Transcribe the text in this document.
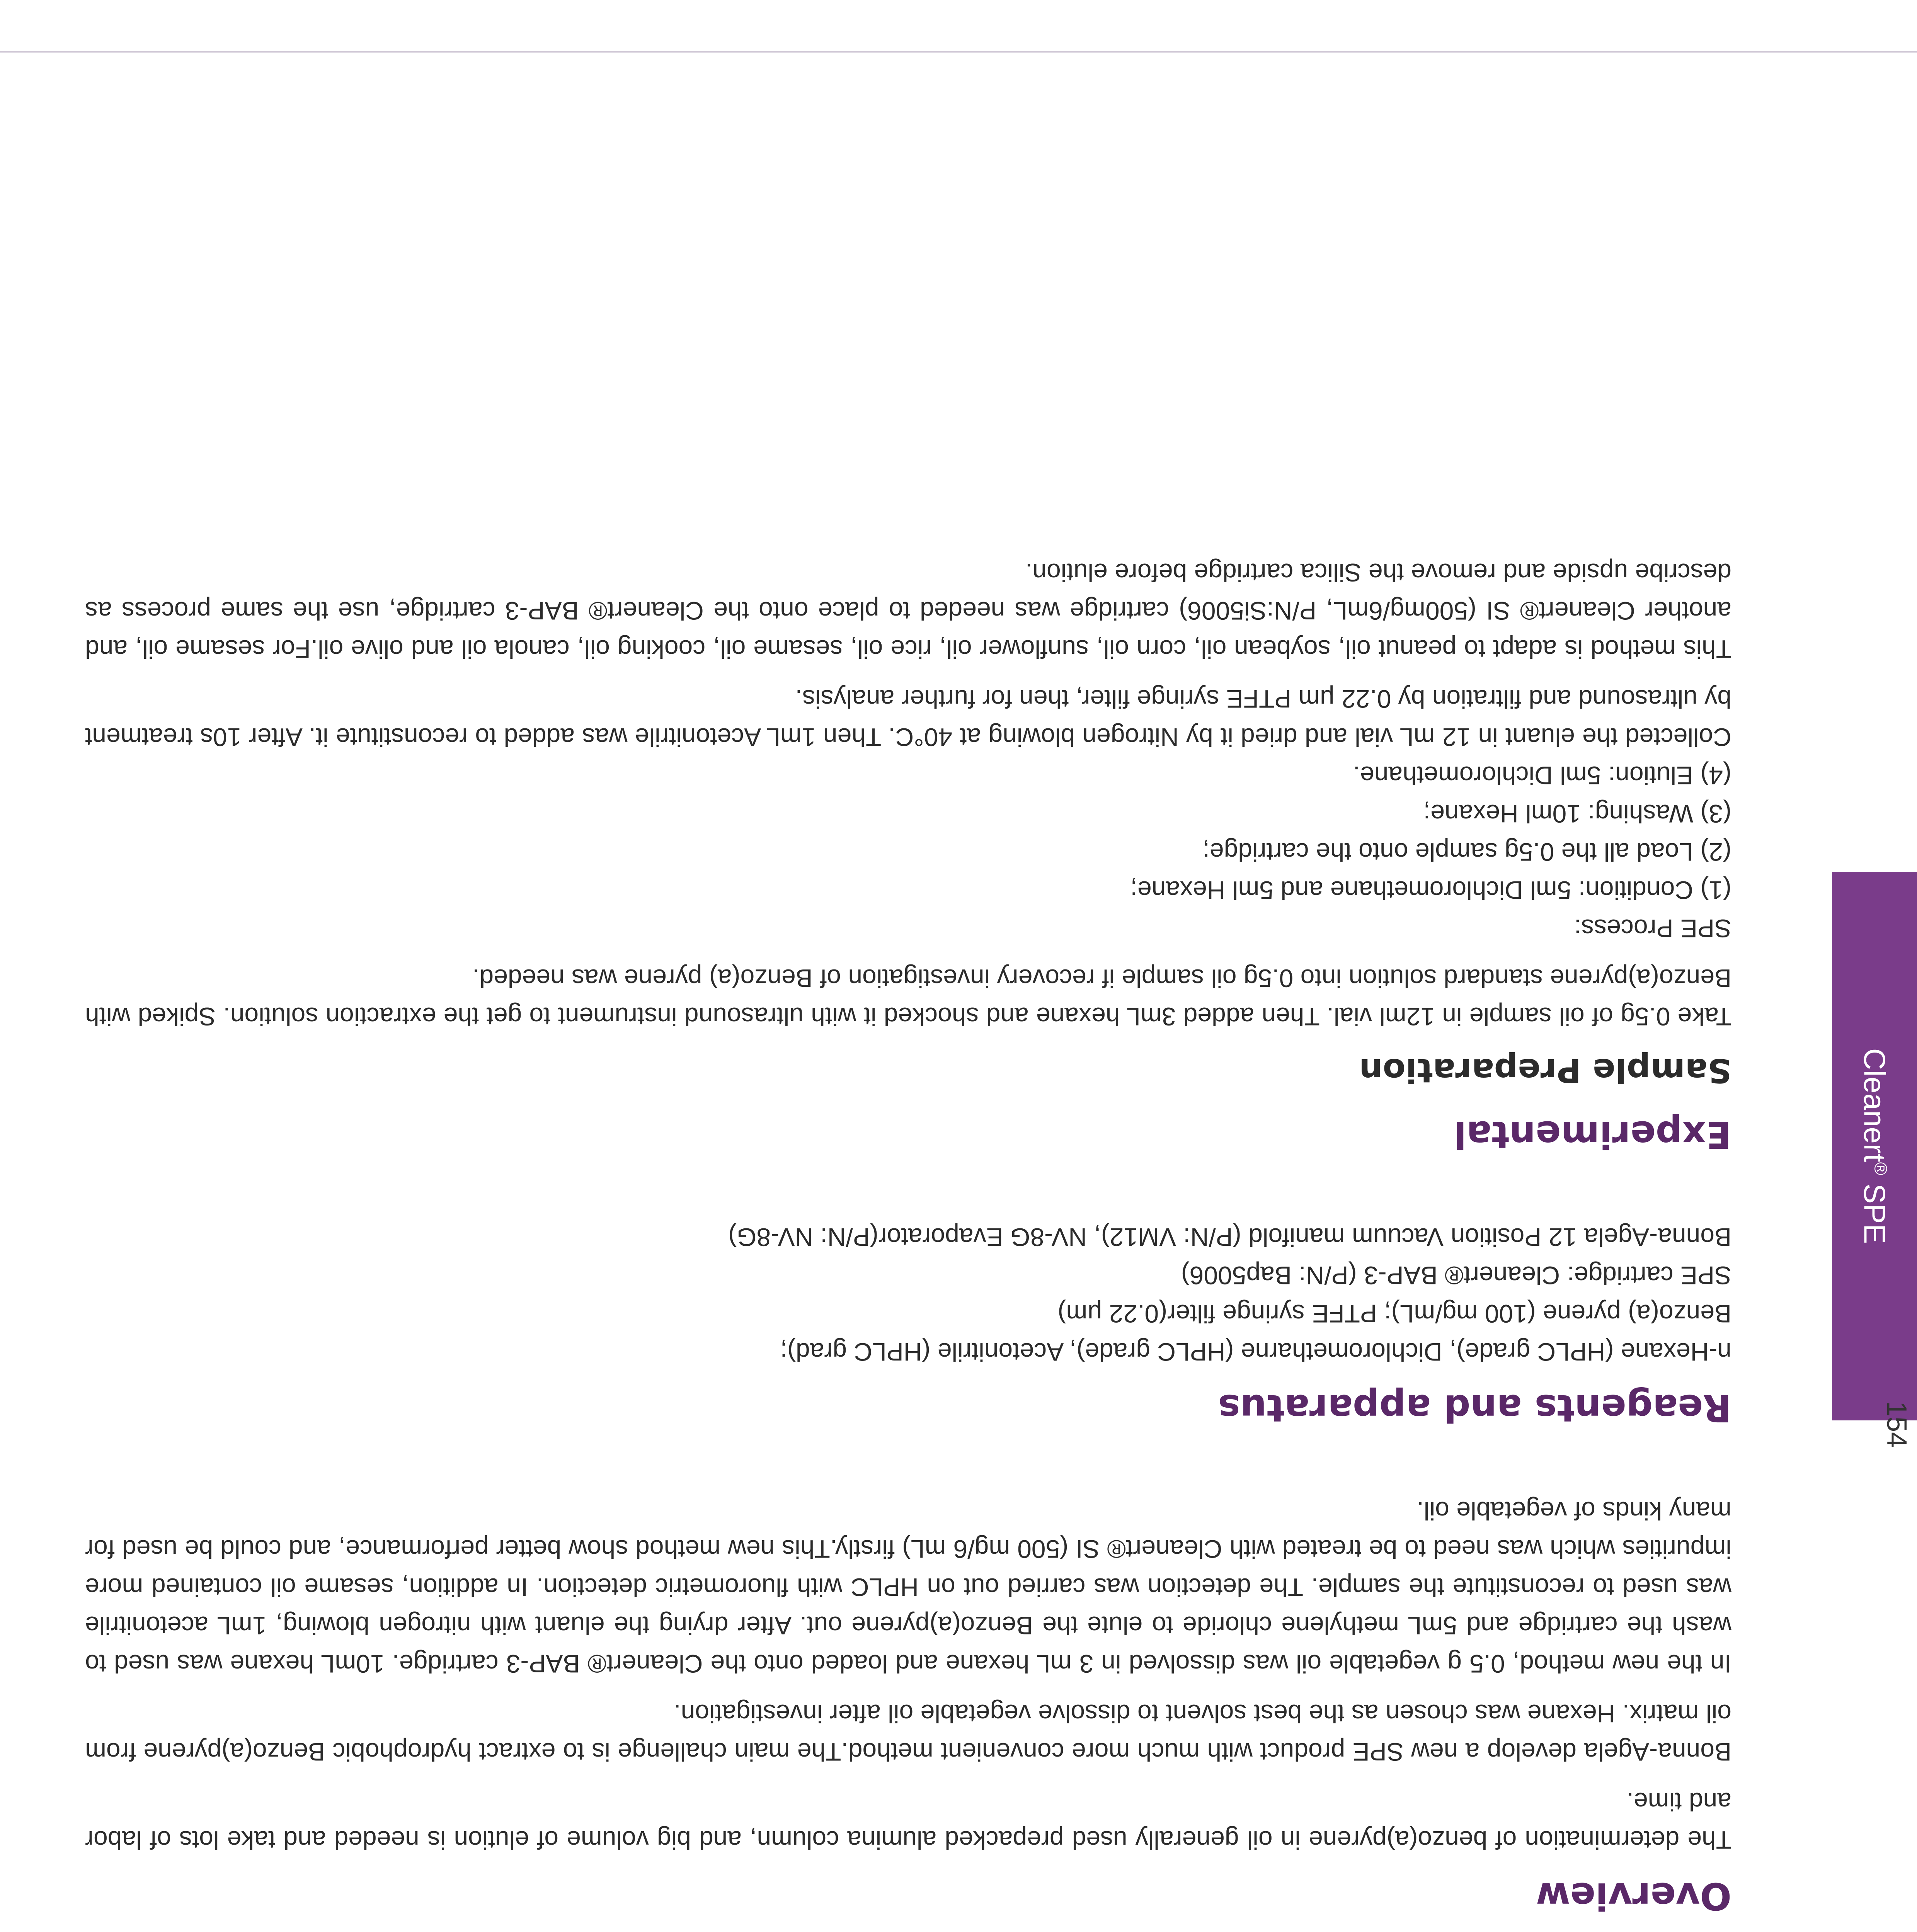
Cleanert® SPE
154
Overview

The determination of benzo(a)pyrene in oil generally used prepacked alumina column, and big volume of elution is needed and take lots of labor and time.

Bonna-Agela develop a new SPE product with much more convenient method.The main challenge is to extract hydrophobic Benzo(a)pyrene from oil matrix. Hexane was chosen as the best solvent to dissolve vegetable oil after investigation.

In the new method, 0.5 g vegetable oil was dissolved in 3 mL hexane and loaded onto the Cleanert® BAP-3 cartridge. 10mL hexane was used to wash the cartridge and 5mL methylene chloride to elute the Benzo(a)pyrene out. After drying the eluant with nitrogen blowing, 1mL acetonitrile was used to reconstitute the sample. The detection was carried out on HPLC with fluorometric detection. In addition, sesame oil contained more impurities which was need to be treated with Cleanert® SI (500 mg/6 mL) firstly.This new method show better performance, and could be used for many kinds of vegetable oil.

Reagents and apparatus
n-Hexane (HPLC grade), Dichlorometharne (HPLC grade), Acetonitrile (HPLC grad);
Benzo(a) pyrene (100 mg/mL); PTFE syringe filter(0.22 μm)
SPE cartridge: Cleanert® BAP-3 (P/N: Bap5006)
Bonna-Agela 12 Position Vacuum manifold (P/N: VM12), NV-8G Evaporator(P/N: NV-8G)
Experimental
Sample Preparation

Take 0.5g of oil sample in 12ml vial. Then added 3mL hexane and shocked it with ultrasound instrument to get the extraction solution. Spiked with Benzo(a)pyrene standard solution into 0.5g oil sample if recovery investigation of Benzo(a) pyrene was needed.

SPE Process:
(1) Condition: 5ml Dichloromethane and 5ml Hexane;
(2) Load all the 0.5g sample onto the cartridge;
(3) Washing: 10ml Hexane;
(4) Elution: 5ml Dichloromethane.

Collected the eluant in 12 mL vial and dried it by Nitrogen blowing at 40°C. Then 1mL Acetonitrile was added to reconstitute it. After 10s treatment by ultrasound and filtration by 0.22 μm PTFE syringe filter, then for further analysis.

This method is adapt to peanut oil, soybean oil, corn oil, sunflower oil, rice oil, sesame oil, cooking oil, canola oil and olive oil.For sesame oil, and another Cleanert® SI (500mg/6mL, P/N:Si5006) cartridge was needed to place onto the Cleanert® BAP-3 cartridge, use the same process as describe upside and remove the Silica cartridge before elution.
